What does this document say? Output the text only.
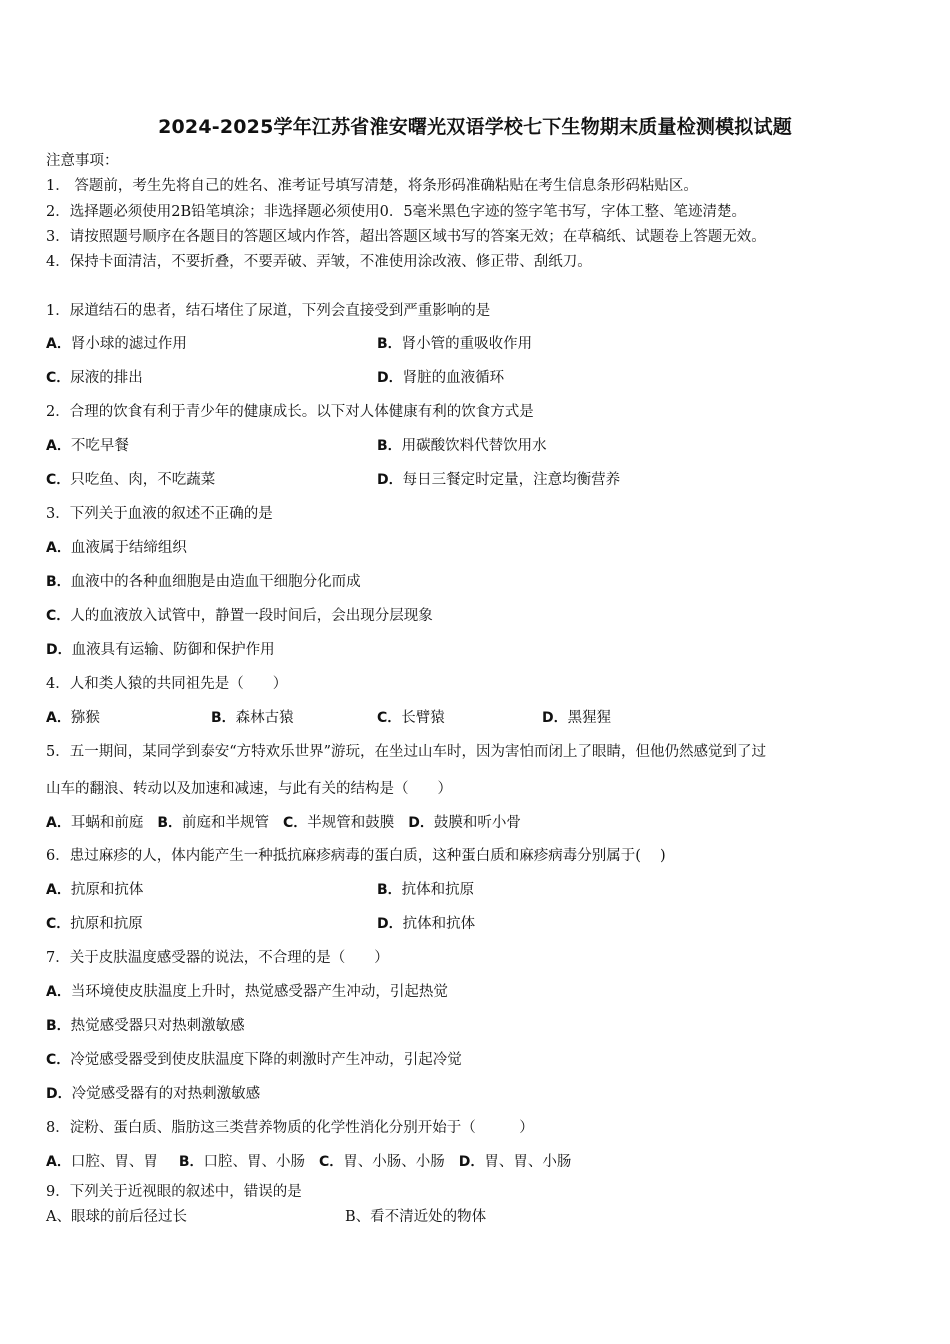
2024-2025学年江苏省淮安曙光双语学校七下生物期末质量检测模拟试题
注意事项：
1． 答题前，考生先将自己的姓名、准考证号填写清楚，将条形码准确粘贴在考生信息条形码粘贴区。
2．选择题必须使用2B铅笔填涂；非选择题必须使用0．5毫米黑色字迹的签字笔书写，字体工整、笔迹清楚。
3．请按照题号顺序在各题目的答题区域内作答，超出答题区域书写的答案无效；在草稿纸、试题卷上答题无效。
4．保持卡面清洁，不要折叠，不要弄破、弄皱，不准使用涂改液、修正带、刮纸刀。
1．尿道结石的患者，结石堵住了尿道，下列会直接受到严重影响的是
A．肾小球的滤过作用	B．肾小管的重吸收作用
C．尿液的排出	D．肾脏的血液循环
2．合理的饮食有利于青少年的健康成长。以下对人体健康有利的饮食方式是
A．不吃早餐	B．用碳酸饮料代替饮用水
C．只吃鱼、肉，不吃蔬菜	D．每日三餐定时定量，注意均衡营养
3．下列关于血液的叙述不正确的是
A．血液属于结缔组织
B．血液中的各种血细胞是由造血干细胞分化而成
C．人的血液放入试管中，静置一段时间后，会出现分层现象
D．血液具有运输、防御和保护作用
4．人和类人猿的共同祖先是（　　）
A．猕猴	B．森林古猿	C．长臂猿	D．黑猩猩
5．五一期间，某同学到泰安“方特欢乐世界”游玩，在坐过山车时，因为害怕而闭上了眼睛，但他仍然感觉到了过
山车的翻浪、转动以及加速和减速，与此有关的结构是（　　）
A．耳蜗和前庭 B．前庭和半规管 C．半规管和鼓膜 D．鼓膜和听小骨
6．患过麻疹的人，体内能产生一种抵抗麻疹病毒的蛋白质，这种蛋白质和麻疹病毒分别属于(　 )
A．抗原和抗体	B．抗体和抗原
C．抗原和抗原	D．抗体和抗体
7．关于皮肤温度感受器的说法，不合理的是（　　）
A．当环境使皮肤温度上升时，热觉感受器产生冲动，引起热觉
B．热觉感受器只对热刺激敏感
C．冷觉感受器受到使皮肤温度下降的刺激时产生冲动，引起冷觉
D．冷觉感受器有的对热刺激敏感
8．淀粉、蛋白质、脂肪这三类营养物质的化学性消化分别开始于（　　　）
A．口腔、胃、胃 B．口腔、胃、小肠 C．胃、小肠、小肠 D．胃、胃、小肠
9．下列关于近视眼的叙述中，错误的是
A、眼球的前后径过长	B、看不清近处的物体
